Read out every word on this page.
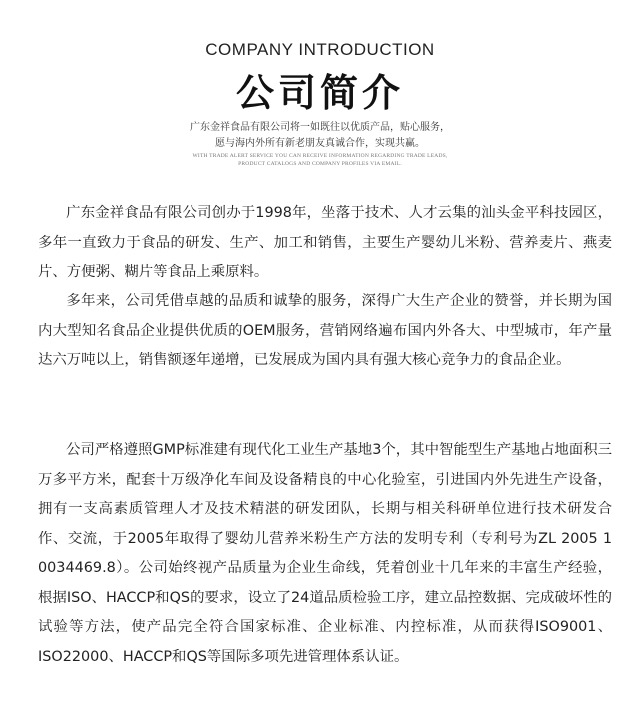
COMPANY INTRODUCTION
公司简介
广东金祥食品有限公司将一如既往以优质产品，贴心服务，
愿与海内外所有新老朋友真诚合作，实现共赢。
WITH TRADE ALERT SERVICE YOU CAN RECEIVE INFORMATION REGARDING TRADE LEADS,
PRODUCT CATALOGS AND COMPANY PROFILES VIA EMAIL.

广东金祥食品有限公司创办于1998年，坐落于技术、人才云集的汕头金平科技园区，多年一直致力于食品的研发、生产、加工和销售，主要生产婴幼儿米粉、营养麦片、燕麦片、方便粥、糊片等食品上乘原料。

多年来，公司凭借卓越的品质和诚挚的服务，深得广大生产企业的赞誉，并长期为国内大型知名食品企业提供优质的OEM服务，营销网络遍布国内外各大、中型城市，年产量达六万吨以上，销售额逐年递增，已发展成为国内具有强大核心竞争力的食品企业。

公司严格遵照GMP标准建有现代化工业生产基地3个，其中智能型生产基地占地面积三万多平方米，配套十万级净化车间及设备精良的中心化验室，引进国内外先进生产设备，拥有一支高素质管理人才及技术精湛的研发团队，长期与相关科研单位进行技术研发合作、交流，于2005年取得了婴幼儿营养米粉生产方法的发明专利（专利号为ZL 2005 1 0034469.8）。公司始终视产品质量为企业生命线，凭着创业十几年来的丰富生产经验，根据ISO、HACCP和QS的要求，设立了24道品质检验工序，建立品控数据、完成破坏性的试验等方法，使产品完全符合国家标准、企业标准、内控标准，从而获得ISO9001、ISO22000、HACCP和QS等国际多项先进管理体系认证。
